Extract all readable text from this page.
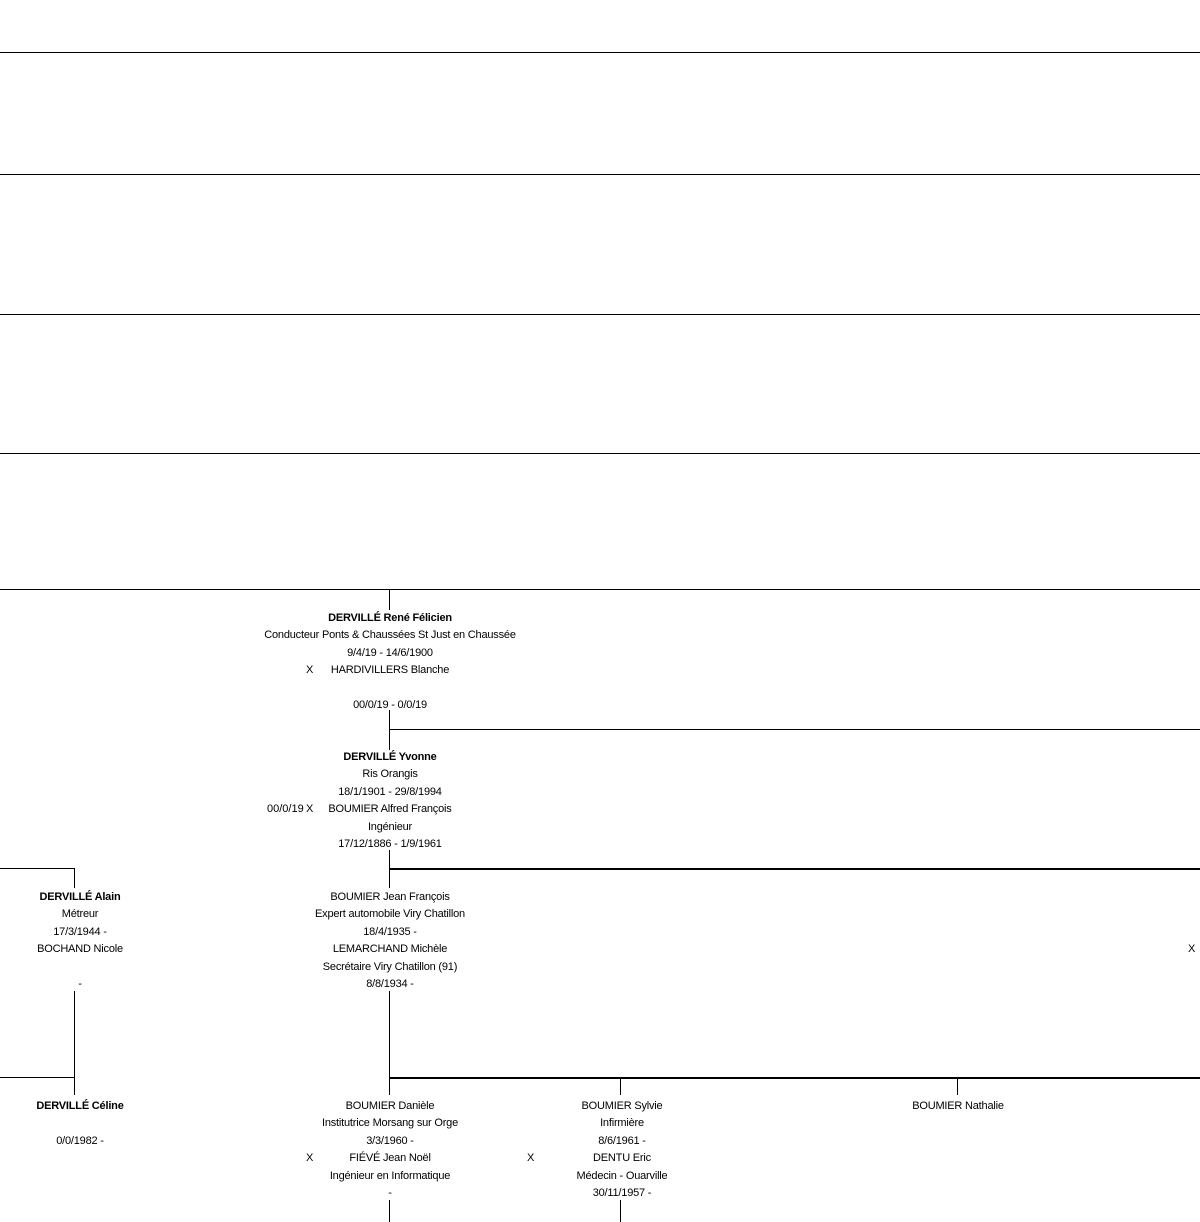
DERVILLÉ René Félicien
Conducteur Ponts & Chaussées St Just en Chaussée
9/4/19 - 14/6/1900
HARDIVILLERS Blanche
00/0/19 - 0/0/19
X
DERVILLÉ Yvonne
Ris Orangis
18/1/1901 - 29/8/1994
BOUMIER Alfred François
Ingénieur
17/12/1886 - 1/9/1961
00/0/19 X
DERVILLÉ Alain
Métreur
17/3/1944 -
BOCHAND Nicole
-
BOUMIER Jean François
Expert automobile Viry Chatillon
18/4/1935 -
LEMARCHAND Michèle
Secrétaire Viry Chatillon (91)
8/8/1934 -
X
DERVILLÉ Céline
0/0/1982 -
BOUMIER Danièle
Institutrice Morsang sur Orge
3/3/1960 -
FIÉVÉ Jean Noël
Ingénieur en Informatique
-
X
BOUMIER Sylvie
Infirmière
8/6/1961 -
DENTU Eric
Médecin - Ouarville
30/11/1957 -
X
BOUMIER Nathalie
